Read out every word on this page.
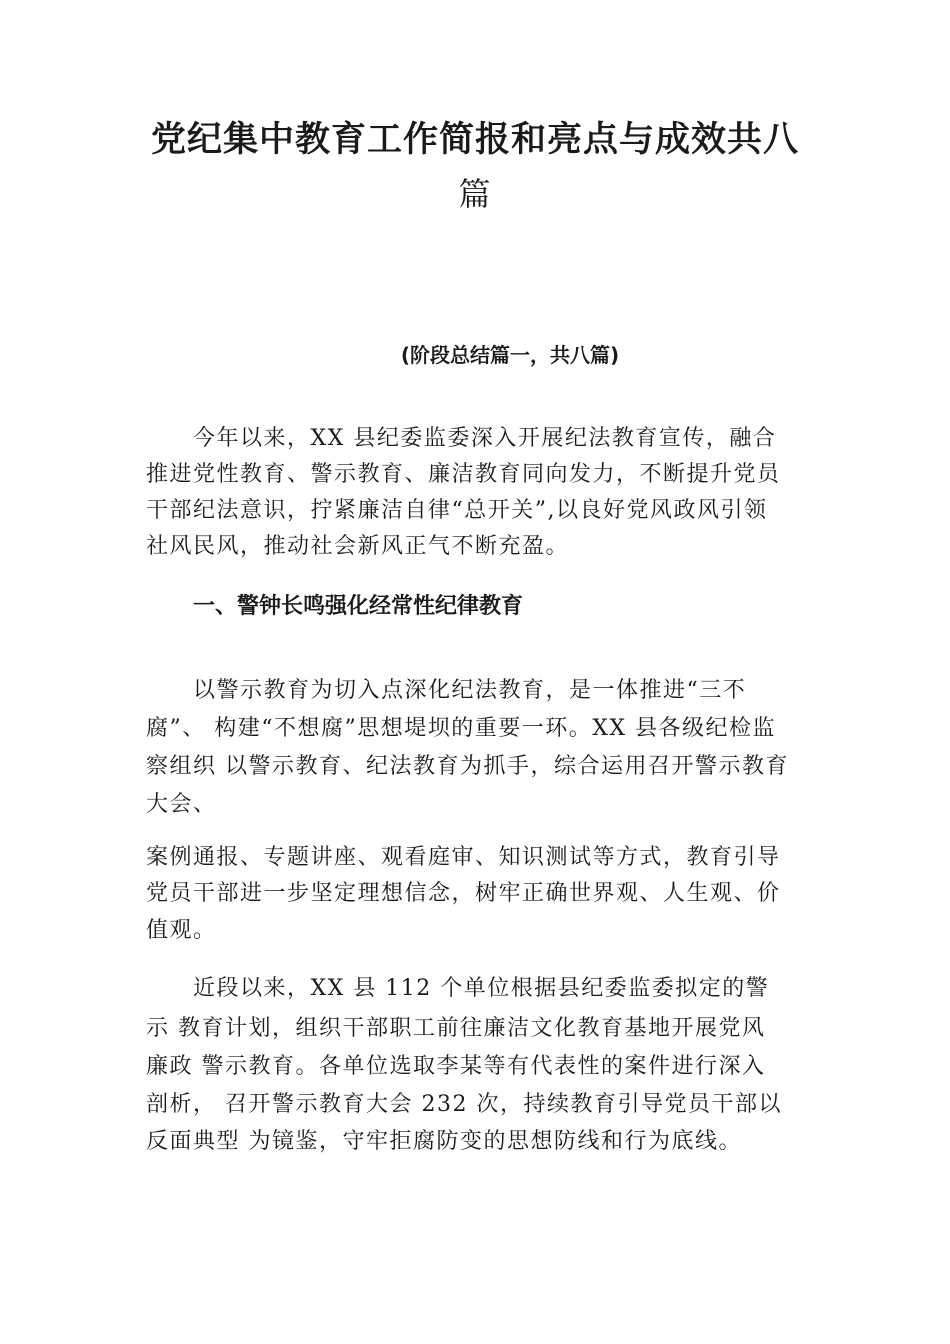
党纪集中教育工作简报和亮点与成效共八
篇

(阶段总结篇一，共八篇)

今年以来，XX 县纪委监委深入开展纪法教育宣传，融合

推进党性教育、警示教育、廉洁教育同向发力，不断提升党员

干部纪法意识，拧紧廉洁自律“总开关”,以良好党风政风引领

社风民风，推动社会新风正气不断充盈。

一、警钟长鸣强化经常性纪律教育

以警示教育为切入点深化纪法教育，是一体推进“三不

腐”、 构建“不想腐”思想堤坝的重要一环。XX 县各级纪检监

察组织 以警示教育、纪法教育为抓手，综合运用召开警示教育

大会、

案例通报、专题讲座、观看庭审、知识测试等方式，教育引导

党员干部进一步坚定理想信念，树牢正确世界观、人生观、价

值观。

近段以来，XX 县 112 个单位根据县纪委监委拟定的警

示 教育计划，组织干部职工前往廉洁文化教育基地开展党风

廉政 警示教育。各单位选取李某等有代表性的案件进行深入

剖析， 召开警示教育大会 232 次，持续教育引导党员干部以

反面典型 为镜鉴，守牢拒腐防变的思想防线和行为底线。
